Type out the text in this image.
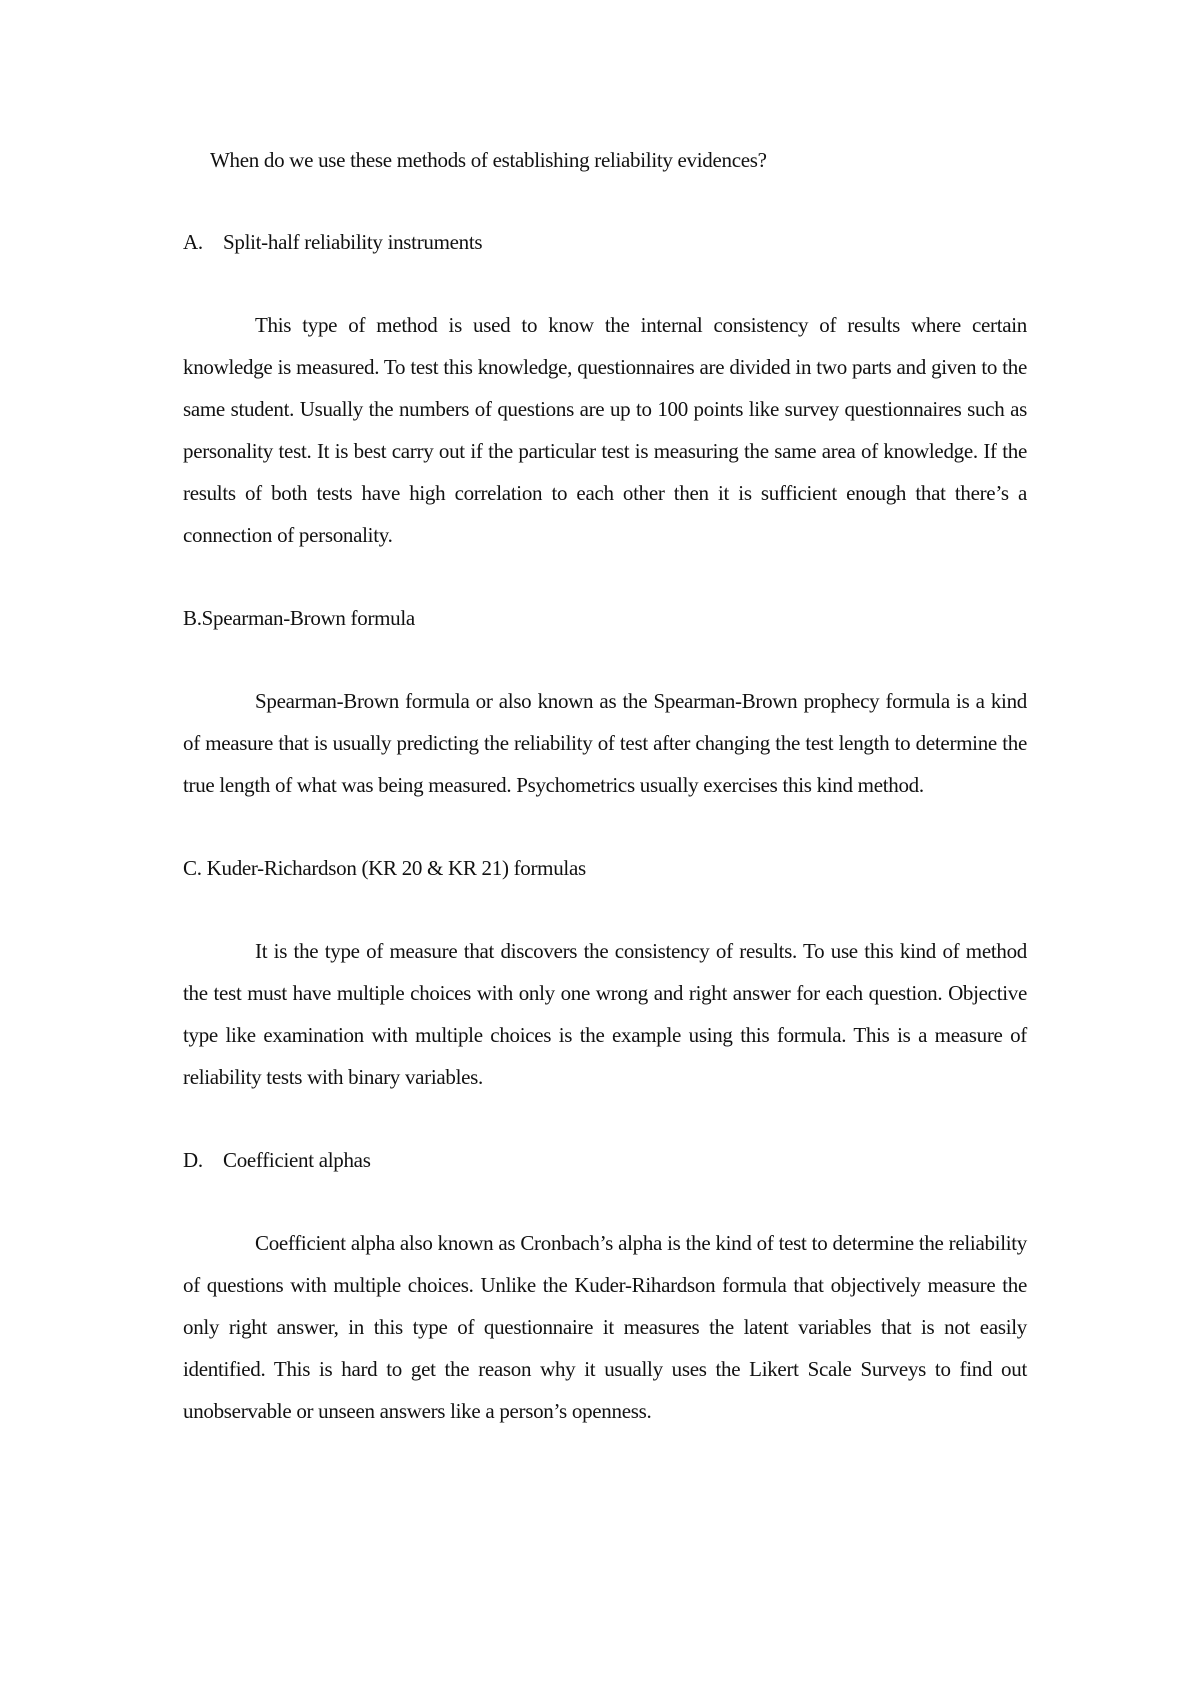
When do we use these methods of establishing reliability evidences?

A. Split-half reliability instruments

This type of method is used to know the internal consistency of results where certain knowledge is measured. To test this knowledge, questionnaires are divided in two parts and given to the same student. Usually the numbers of questions are up to 100 points like survey questionnaires such as personality test. It is best carry out if the particular test is measuring the same area of knowledge. If the results of both tests have high correlation to each other then it is sufficient enough that there’s a connection of personality.

B.Spearman-Brown formula

Spearman-Brown formula or also known as the Spearman-Brown prophecy formula is a kind of measure that is usually predicting the reliability of test after changing the test length to determine the true length of what was being measured. Psychometrics usually exercises this kind method.

C. Kuder-Richardson (KR 20 & KR 21) formulas

It is the type of measure that discovers the consistency of results. To use this kind of method the test must have multiple choices with only one wrong and right answer for each question. Objective type like examination with multiple choices is the example using this formula. This is a measure of reliability tests with binary variables.

D. Coefficient alphas

Coefficient alpha also known as Cronbach’s alpha is the kind of test to determine the reliability of questions with multiple choices. Unlike the Kuder-Rihardson formula that objectively measure the only right answer, in this type of questionnaire it measures the latent variables that is not easily identified. This is hard to get the reason why it usually uses the Likert Scale Surveys to find out unobservable or unseen answers like a person’s openness.
